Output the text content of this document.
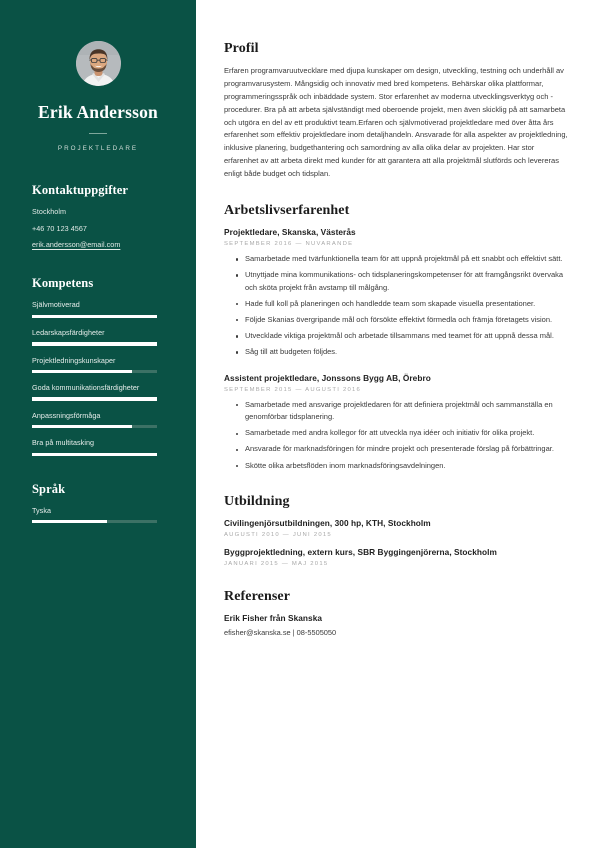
Erik Andersson
PROJEKTLEDARE
Kontaktuppgifter
Stockholm
+46 70 123 4567
erik.andersson@email.com
Kompetens
Självmotiverad
Ledarskapsfärdigheter
Projektledningskunskaper
Goda kommunikationsfärdigheter
Anpassningsförmåga
Bra på multitasking
Språk
Tyska
Profil

Erfaren programvaruutvecklare med djupa kunskaper om design, utveckling, testning och underhåll av programvarusystem. Mångsidig och innovativ med bred kompetens. Behärskar olika plattformar, programmeringsspråk och inbäddade system. Stor erfarenhet av moderna utvecklingsverktyg och -procedurer. Bra på att arbeta självständigt med oberoende projekt, men även skicklig på att samarbeta och utgöra en del av ett produktivt team.Erfaren och självmotiverad projektledare med över åtta års erfarenhet som effektiv projektledare inom detaljhandeln. Ansvarade för alla aspekter av projektledning, inklusive planering, budgethantering och samordning av alla olika delar av projekten. Har stor erfarenhet av att arbeta direkt med kunder för att garantera att alla projektmål slutförds och levereras enligt både budget och tidsplan.

Arbetslivserfarenhet
Projektledare, Skanska, Västerås
SEPTEMBER 2016 — NUVARANDE
Samarbetade med tvärfunktionella team för att uppnå projektmål på ett snabbt och effektivt sätt.
Utnyttjade mina kommunikations- och tidsplaneringskompetenser för att framgångsrikt övervaka och sköta projekt från avstamp till målgång.
Hade full koll på planeringen och handledde team som skapade visuella presentationer.
Följde Skanias övergripande mål och försökte effektivt förmedla och främja företagets vision.
Utvecklade viktiga projektmål och arbetade tillsammans med teamet för att uppnå dessa mål.
Såg till att budgeten följdes.
Assistent projektledare, Jonssons Bygg AB, Örebro
SEPTEMBER 2015 — AUGUSTI 2016
Samarbetade med ansvarige projektledaren för att definiera projektmål och sammanställa en genomförbar tidsplanering.
Samarbetade med andra kollegor för att utveckla nya idéer och initiativ för olika projekt.
Ansvarade för marknadsföringen för mindre projekt och presenterade förslag på förbättringar.
Skötte olika arbetsflöden inom marknadsföringsavdelningen.
Utbildning
Civilingenjörsutbildningen, 300 hp, KTH, Stockholm
AUGUSTI 2010 — JUNI 2015
Byggprojektledning, extern kurs, SBR Byggingenjörerna, Stockholm
JANUARI 2015 — MAJ 2015
Referenser
Erik Fisher från Skanska
efisher@skanska.se | 08-5505050
